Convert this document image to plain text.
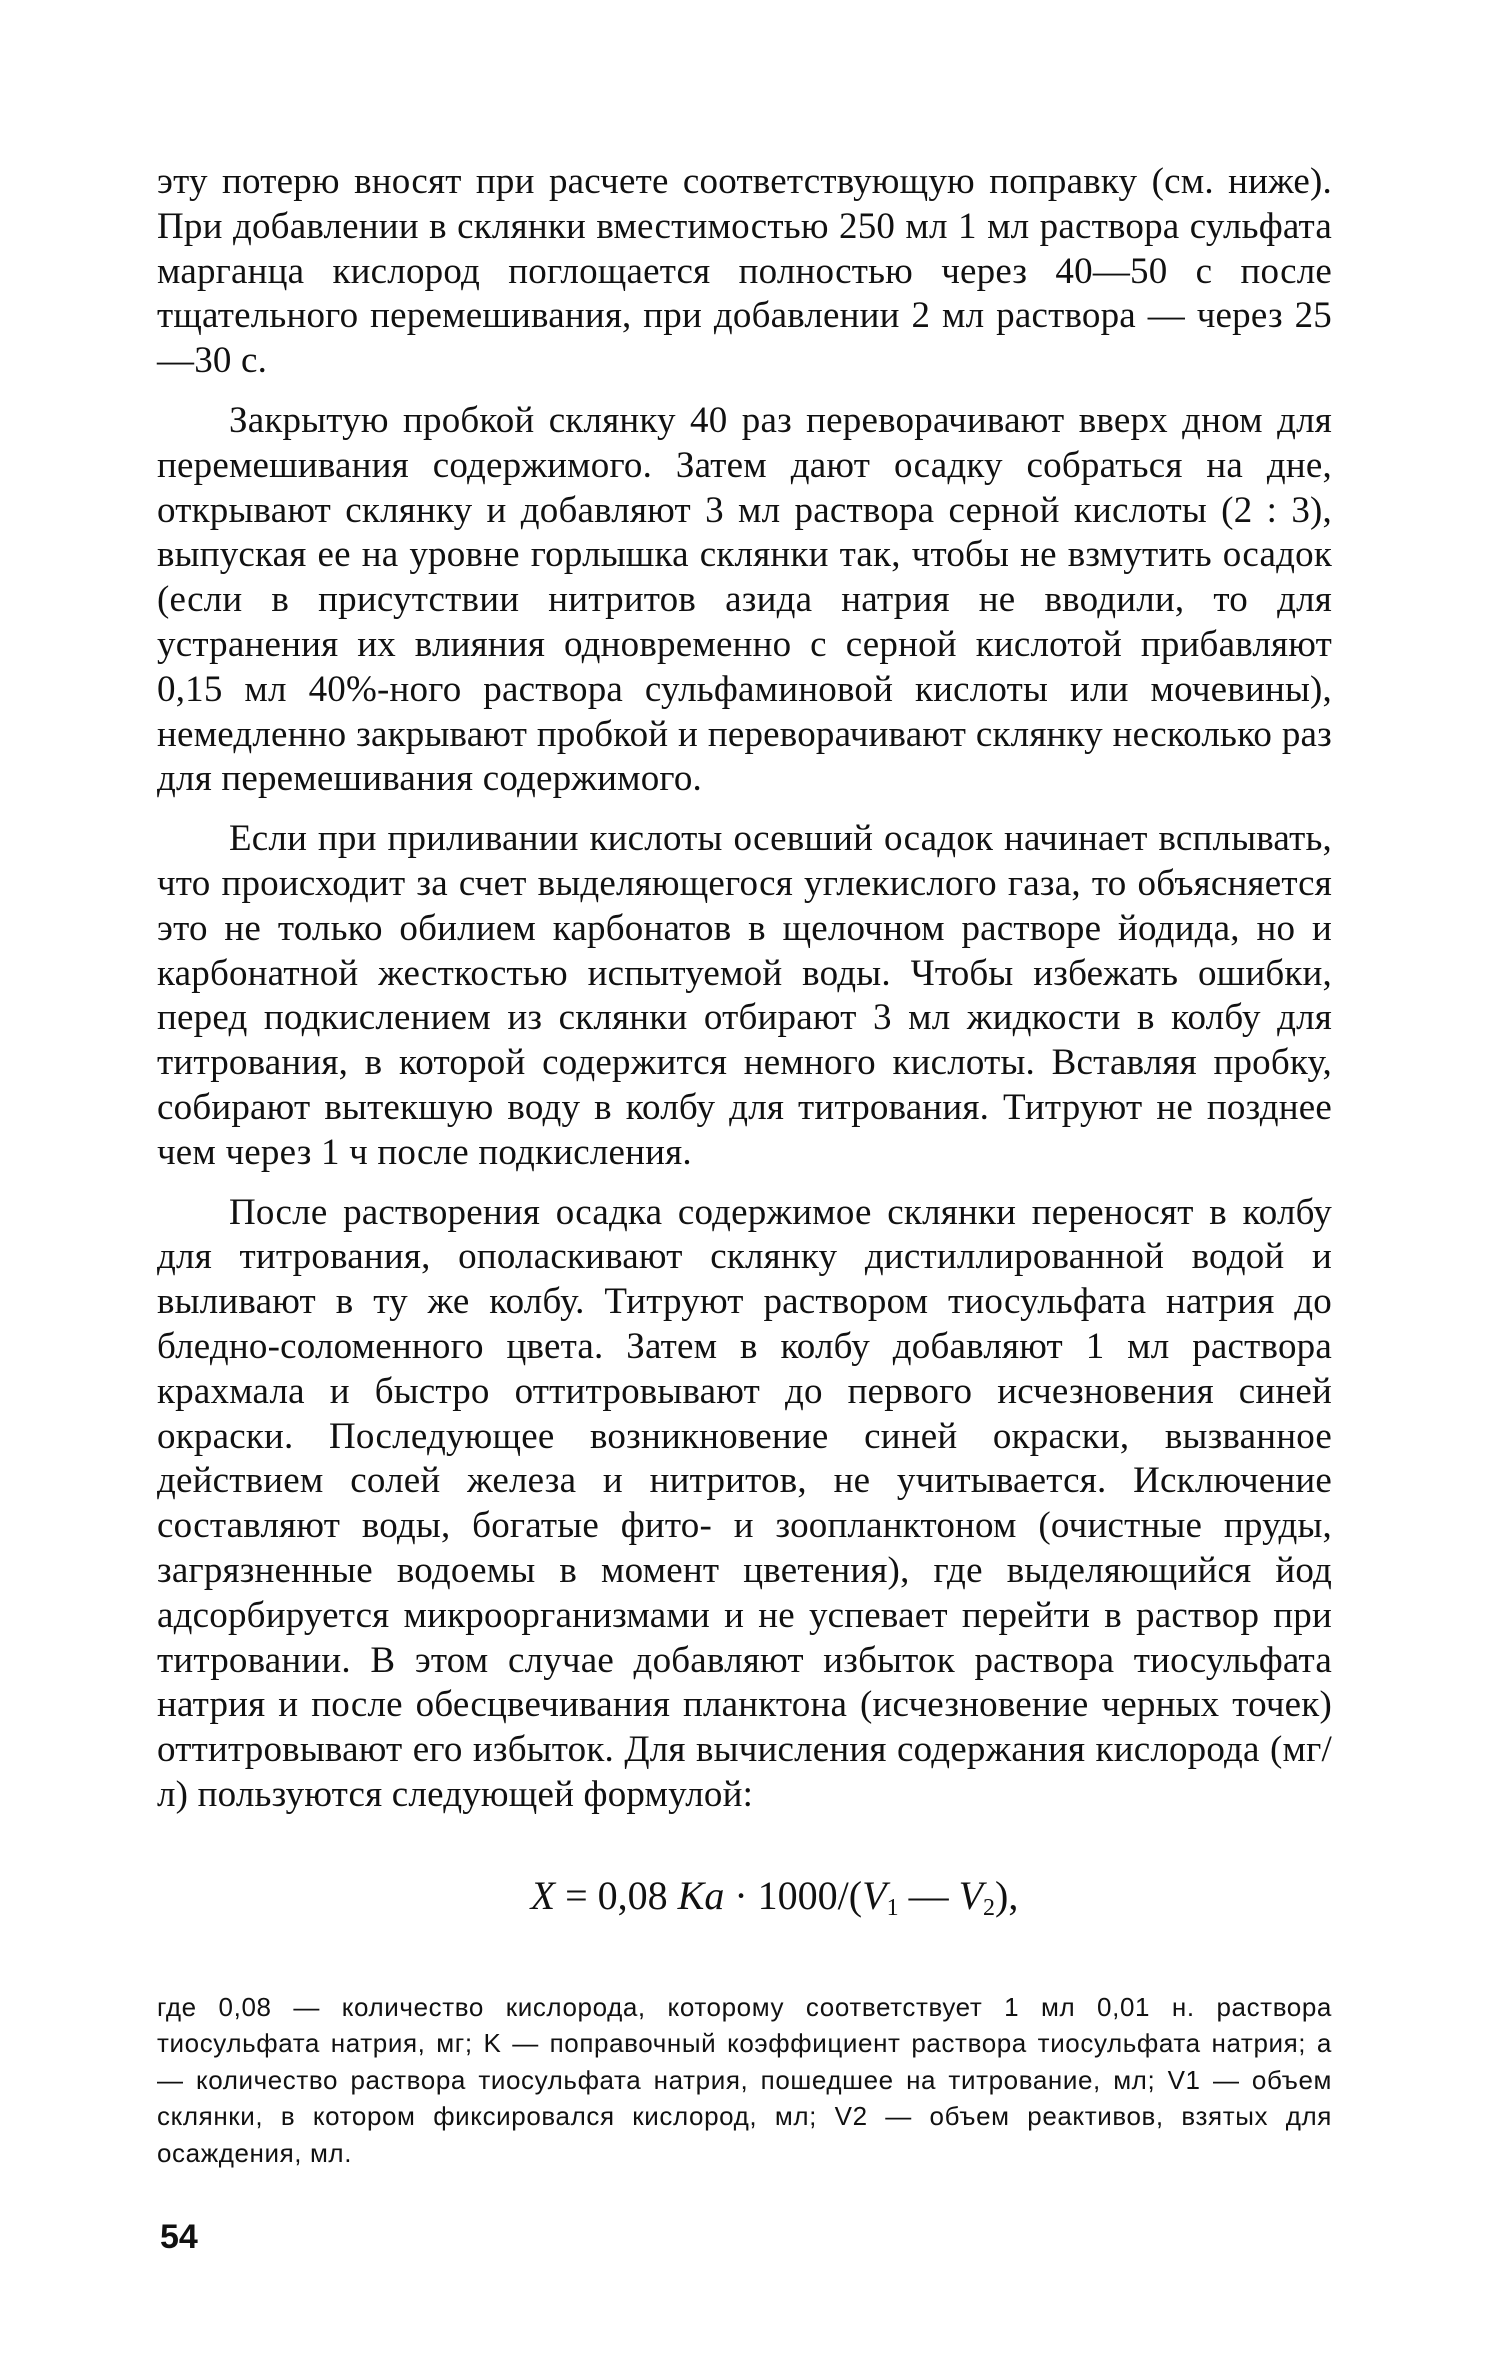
эту потерю вносят при расчете соответствующую поправку (см. ниже). При добавлении в склянки вместимостью 250 мл 1 мл раствора сульфата марганца кислород поглощается полностью через 40—50 с после тщательного перемешивания, при добавлении 2 мл раствора — через 25—30 с.

Закрытую пробкой склянку 40 раз переворачивают вверх дном для перемешивания содержимого. Затем дают осадку собраться на дне, открывают склянку и добавляют 3 мл раствора серной кислоты (2 : 3), выпуская ее на уровне горлышка склянки так, чтобы не взмутить осадок (если в присутствии нитритов азида натрия не вводили, то для устранения их влияния одновременно с серной кислотой прибавляют 0,15 мл 40%-ного раствора сульфаминовой кислоты или мочевины), немедленно закрывают пробкой и переворачивают склянку несколько раз для перемешивания содержимого.

Если при приливании кислоты осевший осадок начинает всплывать, что происходит за счет выделяющегося углекислого газа, то объясняется это не только обилием карбонатов в щелочном растворе йодида, но и карбонатной жесткостью испытуемой воды. Чтобы избежать ошибки, перед подкислением из склянки отбирают 3 мл жидкости в колбу для титрования, в которой содержится немного кислоты. Вставляя пробку, собирают вытекшую воду в колбу для титрования. Титруют не позднее чем через 1 ч после подкисления.

После растворения осадка содержимое склянки переносят в колбу для титрования, ополаскивают склянку дистиллированной водой и выливают в ту же колбу. Титруют раствором тиосульфата натрия до бледно-соломенного цвета. Затем в колбу добавляют 1 мл раствора крахмала и быстро оттитровывают до первого исчезновения синей окраски. Последующее возникновение синей окраски, вызванное действием солей железа и нитритов, не учитывается. Исключение составляют воды, богатые фито- и зоопланктоном (очистные пруды, загрязненные водоемы в момент цветения), где выделяющийся йод адсорбируется микроорганизмами и не успевает перейти в раствор при титровании. В этом случае добавляют избыток раствора тиосульфата натрия и после обесцвечивания планктона (исчезновение черных точек) оттитровывают его избыток. Для вычисления содержания кислорода (мг/л) пользуются следующей формулой:

X = 0,08 $Ka \cdot 1000/(V_1$ — $V_2$),

где 0,08 — количество кислорода, которому соответствует 1 мл 0,01 н. раствора тиосульфата натрия, мг; K — поправочный коэффициент раствора тиосульфата натрия; a — количество раствора тиосульфата натрия, пошедшее на титрование, мл; V1 — объем склянки, в котором фиксировался кислород, мл; V2 — объем реактивов, взятых для осаждения, мл.

54
